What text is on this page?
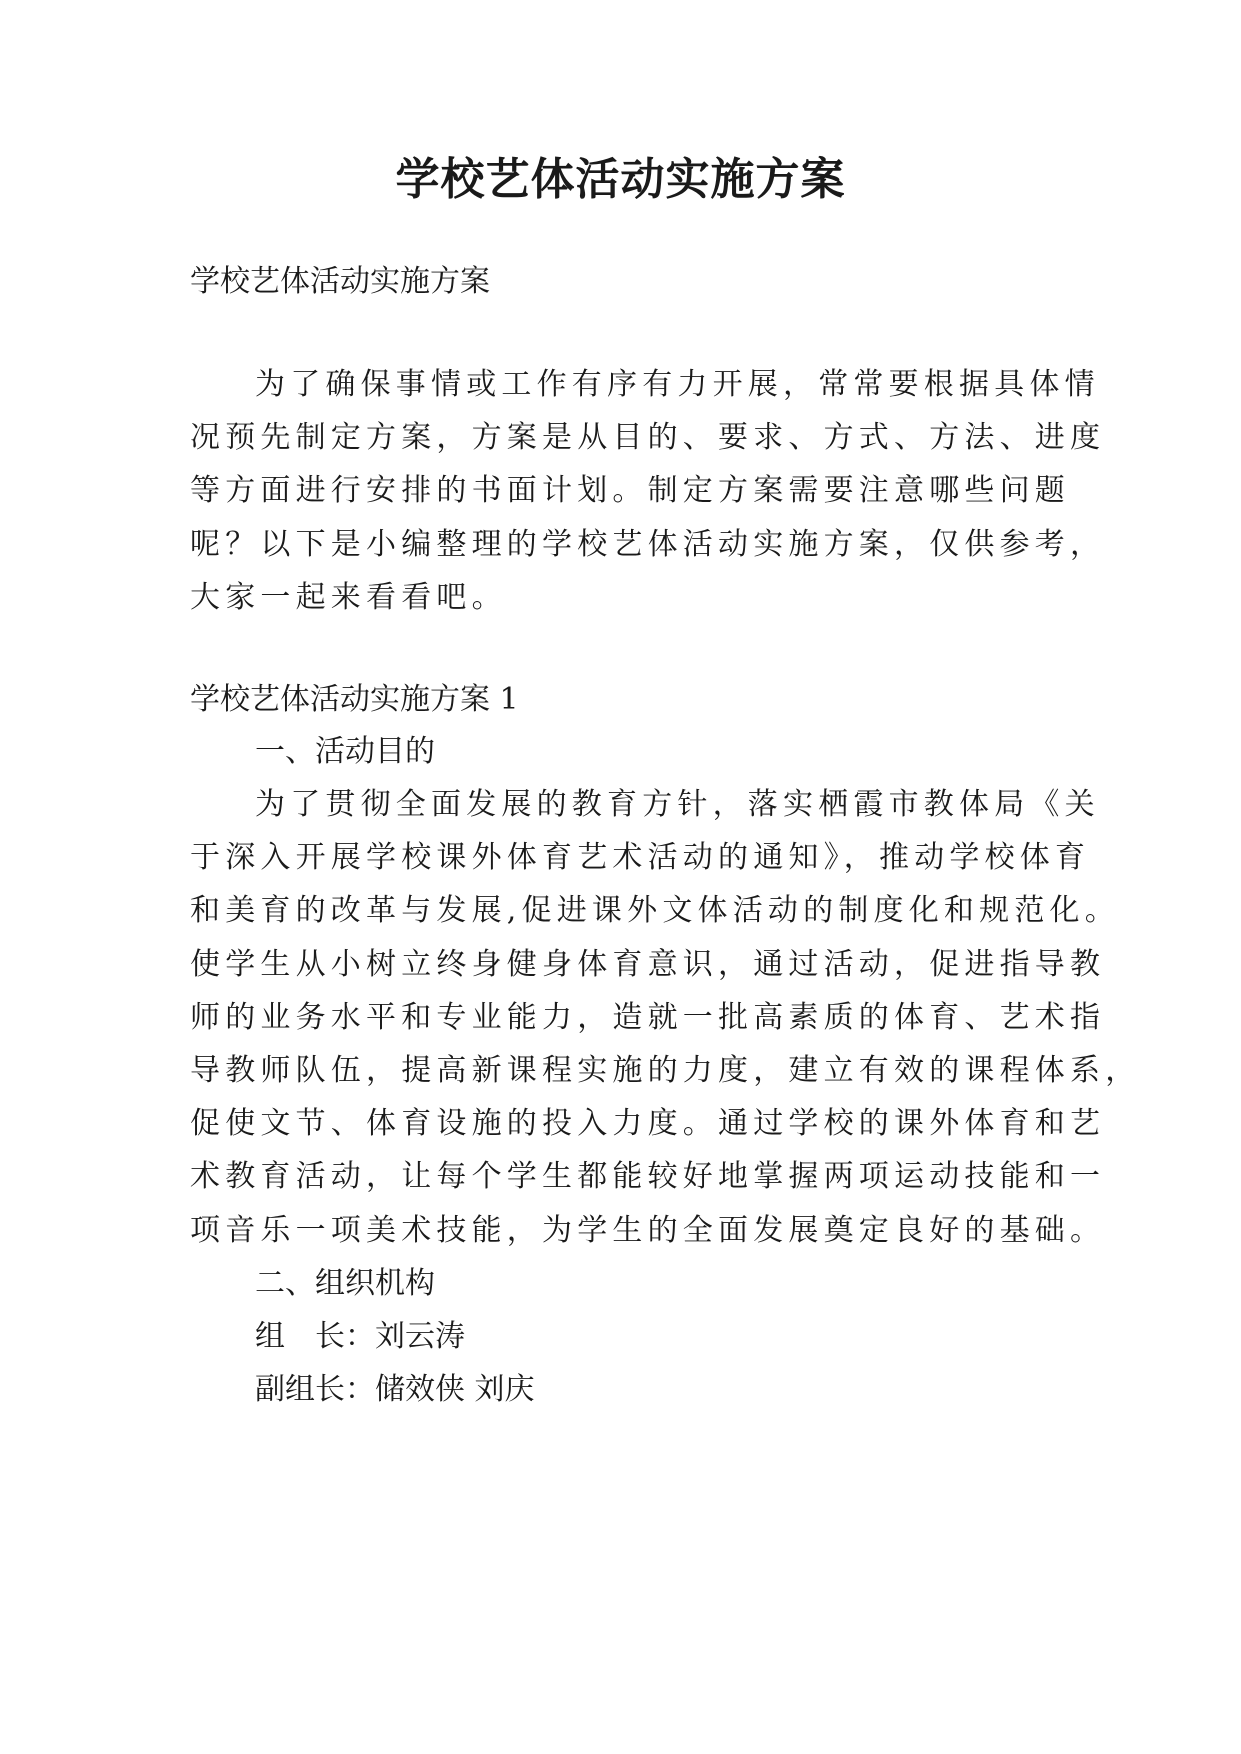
学校艺体活动实施方案

学校艺体活动实施方案

为了确保事情或工作有序有力开展，常常要根据具体情

况预先制定方案，方案是从目的、要求、方式、方法、进度

等方面进行安排的书面计划。制定方案需要注意哪些问题

呢？以下是小编整理的学校艺体活动实施方案，仅供参考，

大家一起来看看吧。

学校艺体活动实施方案 1

一、活动目的

为了贯彻全面发展的教育方针，落实栖霞市教体局《关

于深入开展学校课外体育艺术活动的通知》，推动学校体育

和美育的改革与发展,促进课外文体活动的制度化和规范化。

使学生从小树立终身健身体育意识，通过活动，促进指导教

师的业务水平和专业能力，造就一批高素质的体育、艺术指

导教师队伍，提高新课程实施的力度，建立有效的课程体系，

促使文节、体育设施的投入力度。通过学校的课外体育和艺

术教育活动，让每个学生都能较好地掌握两项运动技能和一

项音乐一项美术技能，为学生的全面发展奠定良好的基础。

二、组织机构

组　长：刘云涛

副组长：储效侠 刘庆
